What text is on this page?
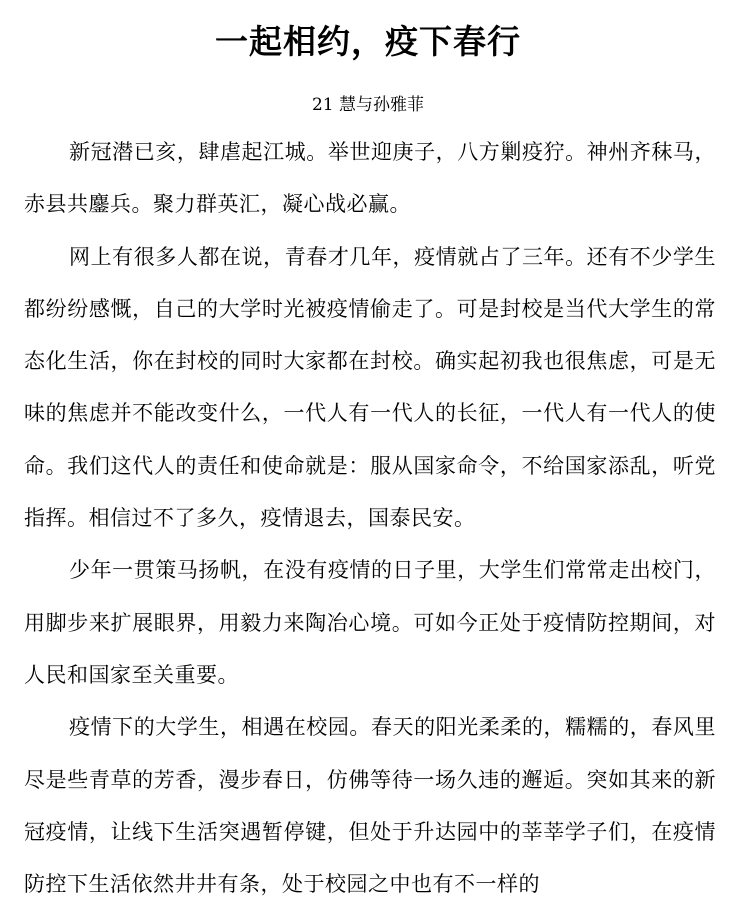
一起相约，疫下春行

21 慧与孙雅菲

新冠潜已亥，肆虐起江城。举世迎庚子，八方剿疫狞。神州齐秣马，赤县共鏖兵。聚力群英汇，凝心战必赢。

网上有很多人都在说，青春才几年，疫情就占了三年。还有不少学生都纷纷感慨，自己的大学时光被疫情偷走了。可是封校是当代大学生的常态化生活，你在封校的同时大家都在封校。确实起初我也很焦虑，可是无味的焦虑并不能改变什么，一代人有一代人的长征，一代人有一代人的使命。我们这代人的责任和使命就是：服从国家命令，不给国家添乱，听党指挥。相信过不了多久，疫情退去，国泰民安。

少年一贯策马扬帆，在没有疫情的日子里，大学生们常常走出校门，用脚步来扩展眼界，用毅力来陶冶心境。可如今正处于疫情防控期间，对人民和国家至关重要。

疫情下的大学生，相遇在校园。春天的阳光柔柔的，糯糯的，春风里尽是些青草的芳香，漫步春日，仿佛等待一场久违的邂逅。突如其来的新冠疫情，让线下生活突遇暂停键，但处于升达园中的莘莘学子们，在疫情防控下生活依然井井有条，处于校园之中也有不一样的
